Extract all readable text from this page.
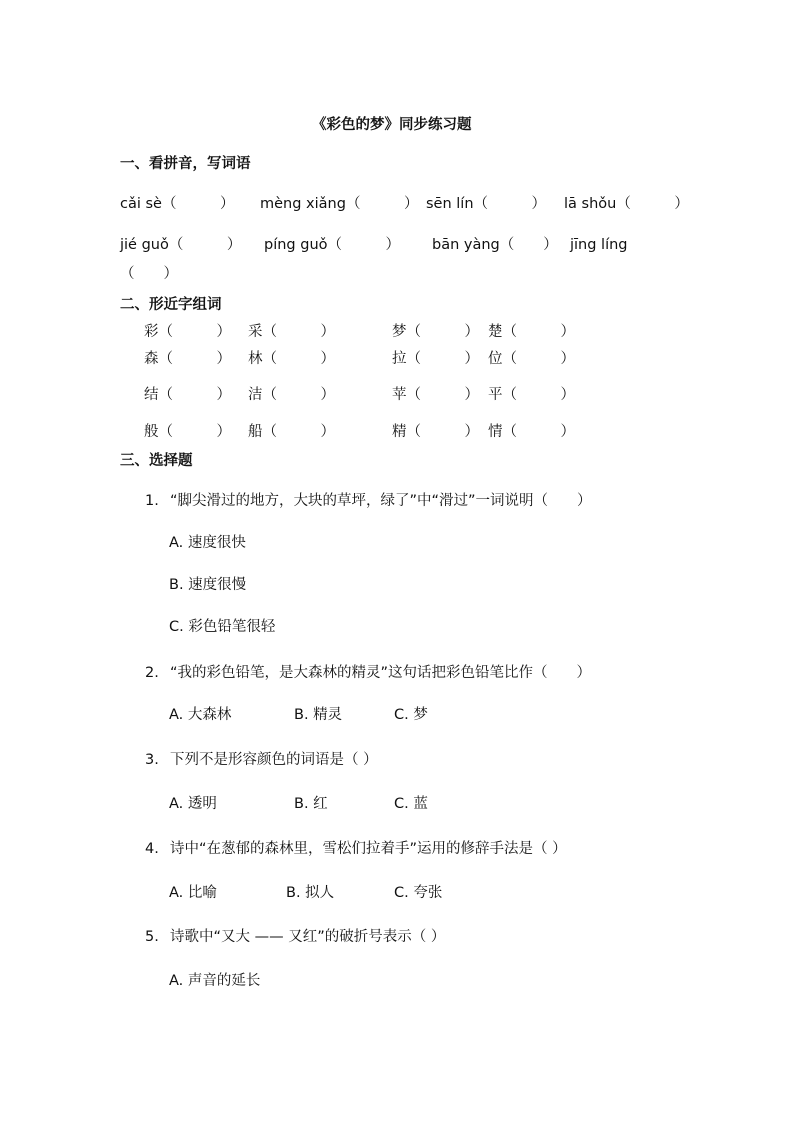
《彩色的梦》同步练习题
一、看拼音，写词语
cǎi sè（　　　） mèng xiǎng（　　　） sēn lín（　　　） lā shǒu（　　　）
jié guǒ（　　　） píng guǒ（　　　） bān yàng（　　） jīng líng
（　　）
二、形近字组词
彩（　　　） 采（　　　）	梦（　　　） 楚（　　　）
森（　　　） 林（　　　）	拉（　　　） 位（　　　）
结（　　　） 洁（　　　）	苹（　　　） 平（　　　）
般（　　　） 船（　　　）	精（　　　） 情（　　　）
三、选择题
1. “脚尖滑过的地方，大块的草坪，绿了”中“滑过”一词说明（　　）
A. 速度很快
B. 速度很慢
C. 彩色铅笔很轻
2. “我的彩色铅笔，是大森林的精灵”这句话把彩色铅笔比作（　　）
A. 大森林	B. 精灵	C. 梦
3. 下列不是形容颜色的词语是（ ）
A. 透明	B. 红	C. 蓝
4. 诗中“在葱郁的森林里，雪松们拉着手”运用的修辞手法是（ ）
A. 比喻	B. 拟人	C. 夸张
5. 诗歌中“又大 —— 又红”的破折号表示（ ）
A. 声音的延长
